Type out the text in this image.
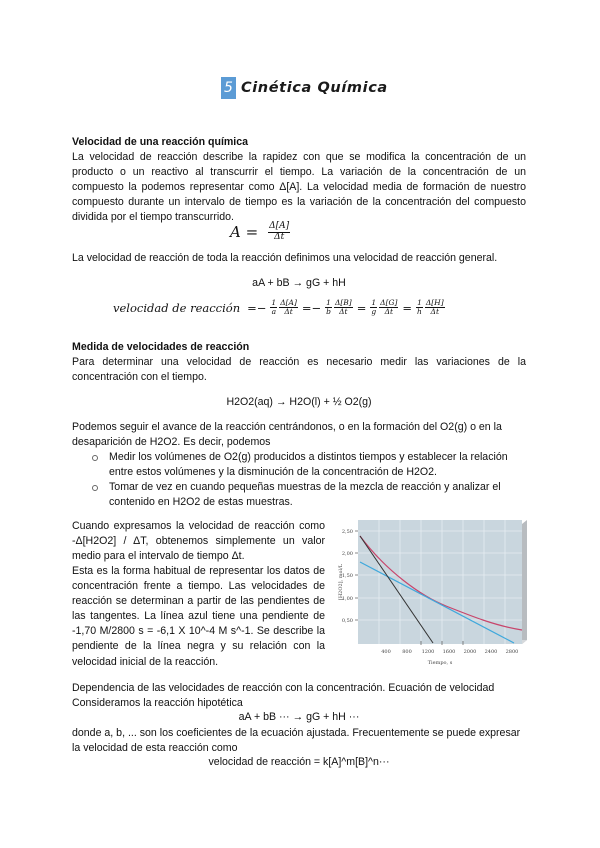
5 Cinética Química
Velocidad de una reacción química
La velocidad de reacción describe la rapidez con que se modifica la concentración de un producto o un reactivo al transcurrir el tiempo. La variación de la concentración de un compuesto la podemos representar como Δ[A]. La velocidad media de formación de nuestro compuesto durante un intervalo de tiempo es la variación de la concentración del compuesto dividida por el tiempo transcurrido.
$A = \frac{\Delta[A]}{\Delta t}$
La velocidad de reacción de toda la reacción definimos una velocidad de reacción general.
aA + bB → gG + hH
velocidad de reacción =− $\frac{1}{a} \frac{\Delta[A]}{\Delta t} =- \frac{1}{b} \frac{\Delta[B]}{\Delta t} = \frac{1}{g} \frac{\Delta[G]}{\Delta t} = \frac{1}{h} \frac{\Delta[H]}{\Delta t}$
Medida de velocidades de reacción
Para determinar una velocidad de reacción es necesario medir las variaciones de la concentración con el tiempo.
H2O2(aq) → H2O(l) + ½ O2(g)
Podemos seguir el avance de la reacción centrándonos, o en la formación del O2(g) o en la desaparición de H2O2. Es decir, podemos
Medir los volúmenes de O2(g) producidos a distintos tiempos y establecer la relación entre estos volúmenes y la disminución de la concentración de H2O2.
Tomar de vez en cuando pequeñas muestras de la mezcla de reacción y analizar el contenido en H2O2 de estas muestras.
Cuando expresamos la velocidad de reacción como -Δ[H2O2] / ΔT, obtenemos simplemente un valor medio para el intervalo de tiempo Δt.
Esta es la forma habitual de representar los datos de concentración frente a tiempo. Las velocidades de reacción se determinan a partir de las pendientes de las tangentes. La línea azul tiene una pendiente de -1,70 M/2800 s = -6,1 X 10^-4 M s^-1. Se describe la pendiente de la línea negra y su relación con la velocidad inicial de la reacción.
2,50
2,00
1,50
1,00
0,50
400 800 1200 1600 2000 2400 2800
Tiempo, s
[H2O2], mol/L
Dependencia de las velocidades de reacción con la concentración. Ecuación de velocidad
Consideramos la reacción hipotética
aA + bB ··· → gG + hH ···
donde a, b, ... son los coeficientes de la ecuación ajustada. Frecuentemente se puede expresar la velocidad de esta reacción como
velocidad de reacción = k[A]^m[B]^n···
